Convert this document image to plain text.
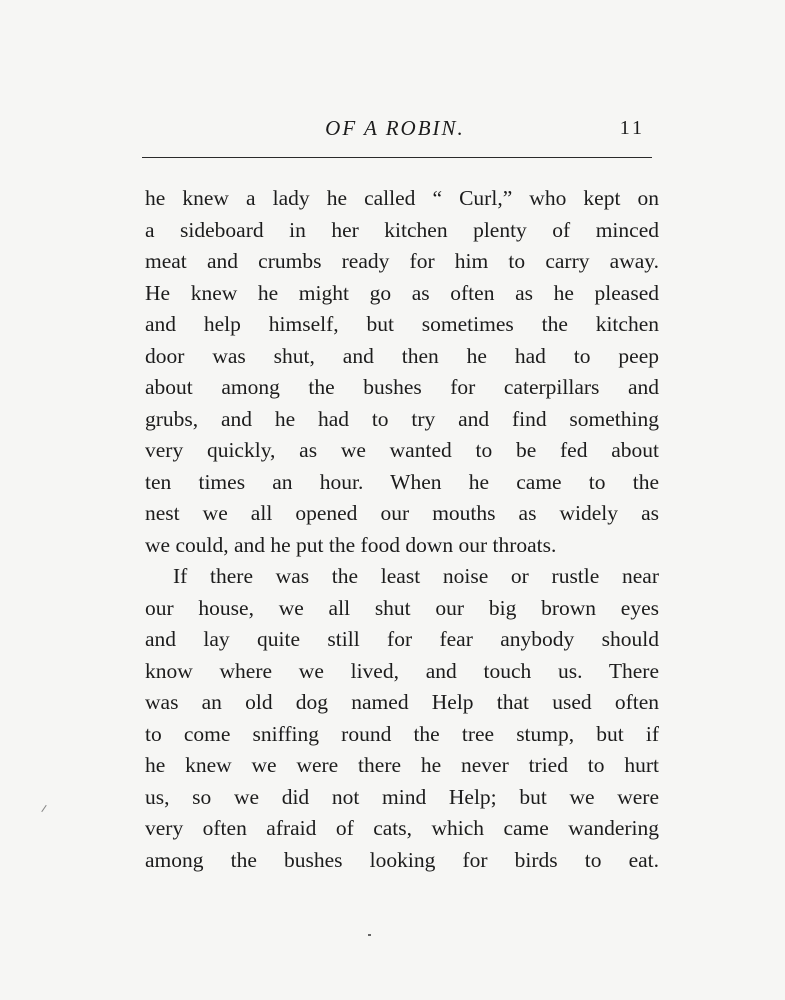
OF A ROBIN.	11
he knew a lady he called “ Curl,” who kept on
a sideboard in her kitchen plenty of minced
meat and crumbs ready for him to carry away.
He knew he might go as often as he pleased
and help himself, but sometimes the kitchen
door was shut, and then he had to peep
about among the bushes for caterpillars and
grubs, and he had to try and find something
very quickly, as we wanted to be fed about
ten times an hour. When he came to the
nest we all opened our mouths as widely as
we could, and he put the food down our throats.
If there was the least noise or rustle near
our house, we all shut our big brown eyes
and lay quite still for fear anybody should
know where we lived, and touch us. There
was an old dog named Help that used often
to come sniffing round the tree stump, but if
he knew we were there he never tried to hurt
us, so we did not mind Help; but we were
very often afraid of cats, which came wandering
among the bushes looking for birds to eat.
